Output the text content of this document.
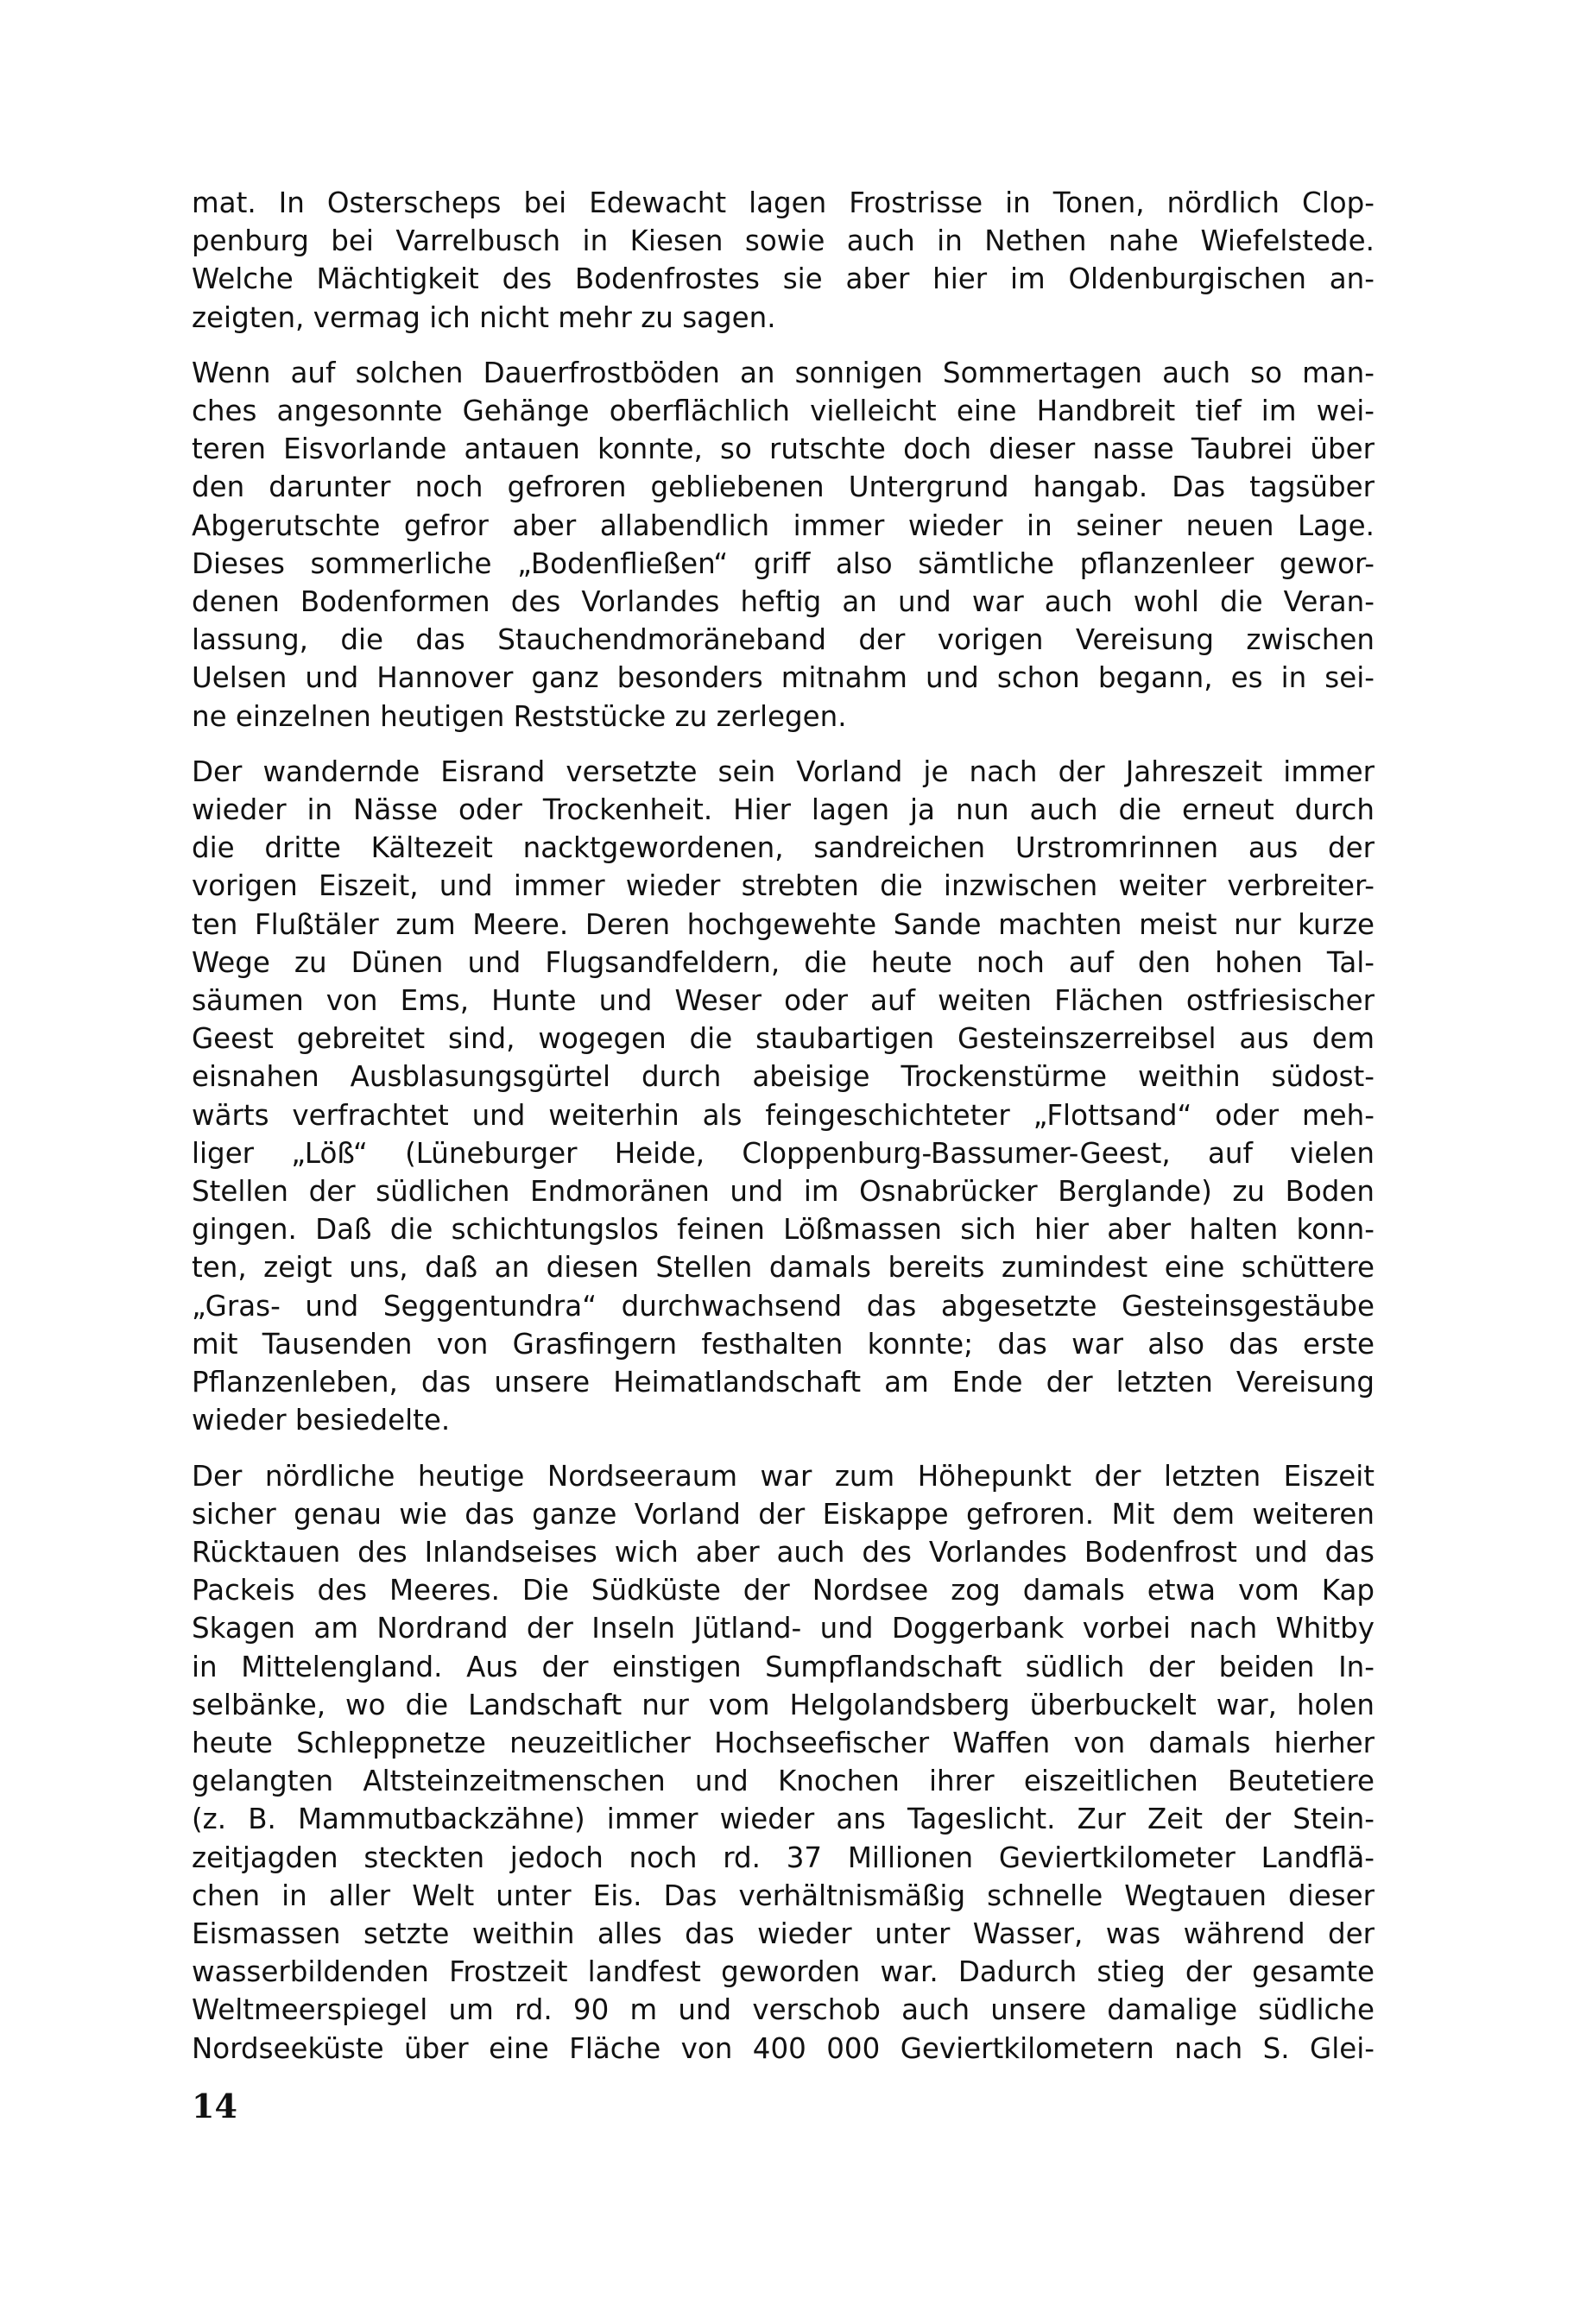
mat. In Osterscheps bei Edewacht lagen Frostrisse in Tonen, nördlich Clop-
penburg bei Varrelbusch in Kiesen sowie auch in Nethen nahe Wiefelstede.
Welche Mächtigkeit des Bodenfrostes sie aber hier im Oldenburgischen an-
zeigten, vermag ich nicht mehr zu sagen.

Wenn auf solchen Dauerfrostböden an sonnigen Sommertagen auch so man-
ches angesonnte Gehänge oberflächlich vielleicht eine Handbreit tief im wei-
teren Eisvorlande antauen konnte, so rutschte doch dieser nasse Taubrei über
den darunter noch gefroren gebliebenen Untergrund hangab. Das tagsüber
Abgerutschte gefror aber allabendlich immer wieder in seiner neuen Lage.
Dieses sommerliche „Bodenfließen“ griff also sämtliche pflanzenleer gewor-
denen Bodenformen des Vorlandes heftig an und war auch wohl die Veran-
lassung, die das Stauchendmoräneband der vorigen Vereisung zwischen
Uelsen und Hannover ganz besonders mitnahm und schon begann, es in sei-
ne einzelnen heutigen Reststücke zu zerlegen.

Der wandernde Eisrand versetzte sein Vorland je nach der Jahreszeit immer
wieder in Nässe oder Trockenheit. Hier lagen ja nun auch die erneut durch
die dritte Kältezeit nacktgewordenen, sandreichen Urstromrinnen aus der
vorigen Eiszeit, und immer wieder strebten die inzwischen weiter verbreiter-
ten Flußtäler zum Meere. Deren hochgewehte Sande machten meist nur kurze
Wege zu Dünen und Flugsandfeldern, die heute noch auf den hohen Tal-
säumen von Ems, Hunte und Weser oder auf weiten Flächen ostfriesischer
Geest gebreitet sind, wogegen die staubartigen Gesteinszerreibsel aus dem
eisnahen Ausblasungsgürtel durch abeisige Trockenstürme weithin südost-
wärts verfrachtet und weiterhin als feingeschichteter „Flottsand“ oder meh-
liger „Löß“ (Lüneburger Heide, Cloppenburg-Bassumer-Geest, auf vielen
Stellen der südlichen Endmoränen und im Osnabrücker Berglande) zu Boden
gingen. Daß die schichtungslos feinen Lößmassen sich hier aber halten konn-
ten, zeigt uns, daß an diesen Stellen damals bereits zumindest eine schüttere
„Gras- und Seggentundra“ durchwachsend das abgesetzte Gesteinsgestäube
mit Tausenden von Grasfingern festhalten konnte; das war also das erste
Pflanzenleben, das unsere Heimatlandschaft am Ende der letzten Vereisung
wieder besiedelte.

Der nördliche heutige Nordseeraum war zum Höhepunkt der letzten Eiszeit
sicher genau wie das ganze Vorland der Eiskappe gefroren. Mit dem weiteren
Rücktauen des Inlandseises wich aber auch des Vorlandes Bodenfrost und das
Packeis des Meeres. Die Südküste der Nordsee zog damals etwa vom Kap
Skagen am Nordrand der Inseln Jütland- und Doggerbank vorbei nach Whitby
in Mittelengland. Aus der einstigen Sumpflandschaft südlich der beiden In-
selbänke, wo die Landschaft nur vom Helgolandsberg überbuckelt war, holen
heute Schleppnetze neuzeitlicher Hochseefischer Waffen von damals hierher
gelangten Altsteinzeitmenschen und Knochen ihrer eiszeitlichen Beutetiere
(z. B. Mammutbackzähne) immer wieder ans Tageslicht. Zur Zeit der Stein-
zeitjagden steckten jedoch noch rd. 37 Millionen Geviertkilometer Landflä-
chen in aller Welt unter Eis. Das verhältnismäßig schnelle Wegtauen dieser
Eismassen setzte weithin alles das wieder unter Wasser, was während der
wasserbildenden Frostzeit landfest geworden war. Dadurch stieg der gesamte
Weltmeerspiegel um rd. 90 m und verschob auch unsere damalige südliche
Nordseeküste über eine Fläche von 400 000 Geviertkilometern nach S. Glei-

14
